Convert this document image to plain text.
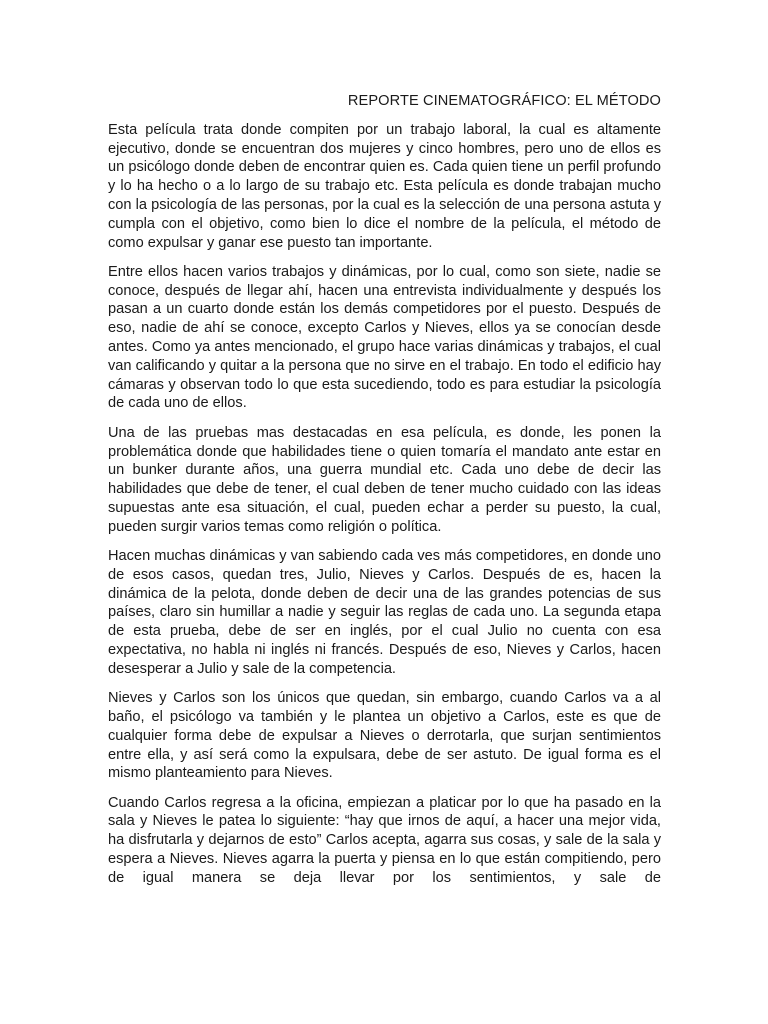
REPORTE CINEMATOGRÁFICO: EL MÉTODO

Esta película trata donde compiten por un trabajo laboral, la cual es altamente ejecutivo, donde se encuentran dos mujeres y cinco hombres, pero uno de ellos es un psicólogo donde deben de encontrar quien es. Cada quien tiene un perfil profundo y lo ha hecho o a lo largo de su trabajo etc. Esta película es donde trabajan mucho con la psicología de las personas, por la cual es la selección de una persona astuta y cumpla con el objetivo, como bien lo dice el nombre de la película, el método de como expulsar y ganar ese puesto tan importante.

Entre ellos hacen varios trabajos y dinámicas, por lo cual, como son siete, nadie se conoce, después de llegar ahí, hacen una entrevista individualmente y después los pasan a un cuarto donde están los demás competidores por el puesto. Después de eso, nadie de ahí se conoce, excepto Carlos y Nieves, ellos ya se conocían desde antes. Como ya antes mencionado, el grupo hace varias dinámicas y trabajos, el cual van calificando y quitar a la persona que no sirve en el trabajo. En todo el edificio hay cámaras y observan todo lo que esta sucediendo, todo es para estudiar la psicología de cada uno de ellos.

Una de las pruebas mas destacadas en esa película, es donde, les ponen la problemática donde que habilidades tiene o quien tomaría el mandato ante estar en un bunker durante años, una guerra mundial etc. Cada uno debe de decir las habilidades que debe de tener, el cual deben de tener mucho cuidado con las ideas supuestas ante esa situación, el cual, pueden echar a perder su puesto, la cual, pueden surgir varios temas como religión o política.

Hacen muchas dinámicas y van sabiendo cada ves más competidores, en donde uno de esos casos, quedan tres, Julio, Nieves y Carlos. Después de es, hacen la dinámica de la pelota, donde deben de decir una de las grandes potencias de sus países, claro sin humillar a nadie y seguir las reglas de cada uno. La segunda etapa de esta prueba, debe de ser en inglés, por el cual Julio no cuenta con esa expectativa, no habla ni inglés ni francés. Después de eso, Nieves y Carlos, hacen desesperar a Julio y sale de la competencia.

Nieves y Carlos son los únicos que quedan, sin embargo, cuando Carlos va a al baño, el psicólogo va también y le plantea un objetivo a Carlos, este es que de cualquier forma debe de expulsar a Nieves o derrotarla, que surjan sentimientos entre ella, y así será como la expulsara, debe de ser astuto. De igual forma es el mismo planteamiento para Nieves.

Cuando Carlos regresa a la oficina, empiezan a platicar por lo que ha pasado en la sala y Nieves le patea lo siguiente: “hay que irnos de aquí, a hacer una mejor vida, ha disfrutarla y dejarnos de esto” Carlos acepta, agarra sus cosas, y sale de la sala y espera a Nieves. Nieves agarra la puerta y piensa en lo que están compitiendo, pero de igual manera se deja llevar por los sentimientos, y sale de
